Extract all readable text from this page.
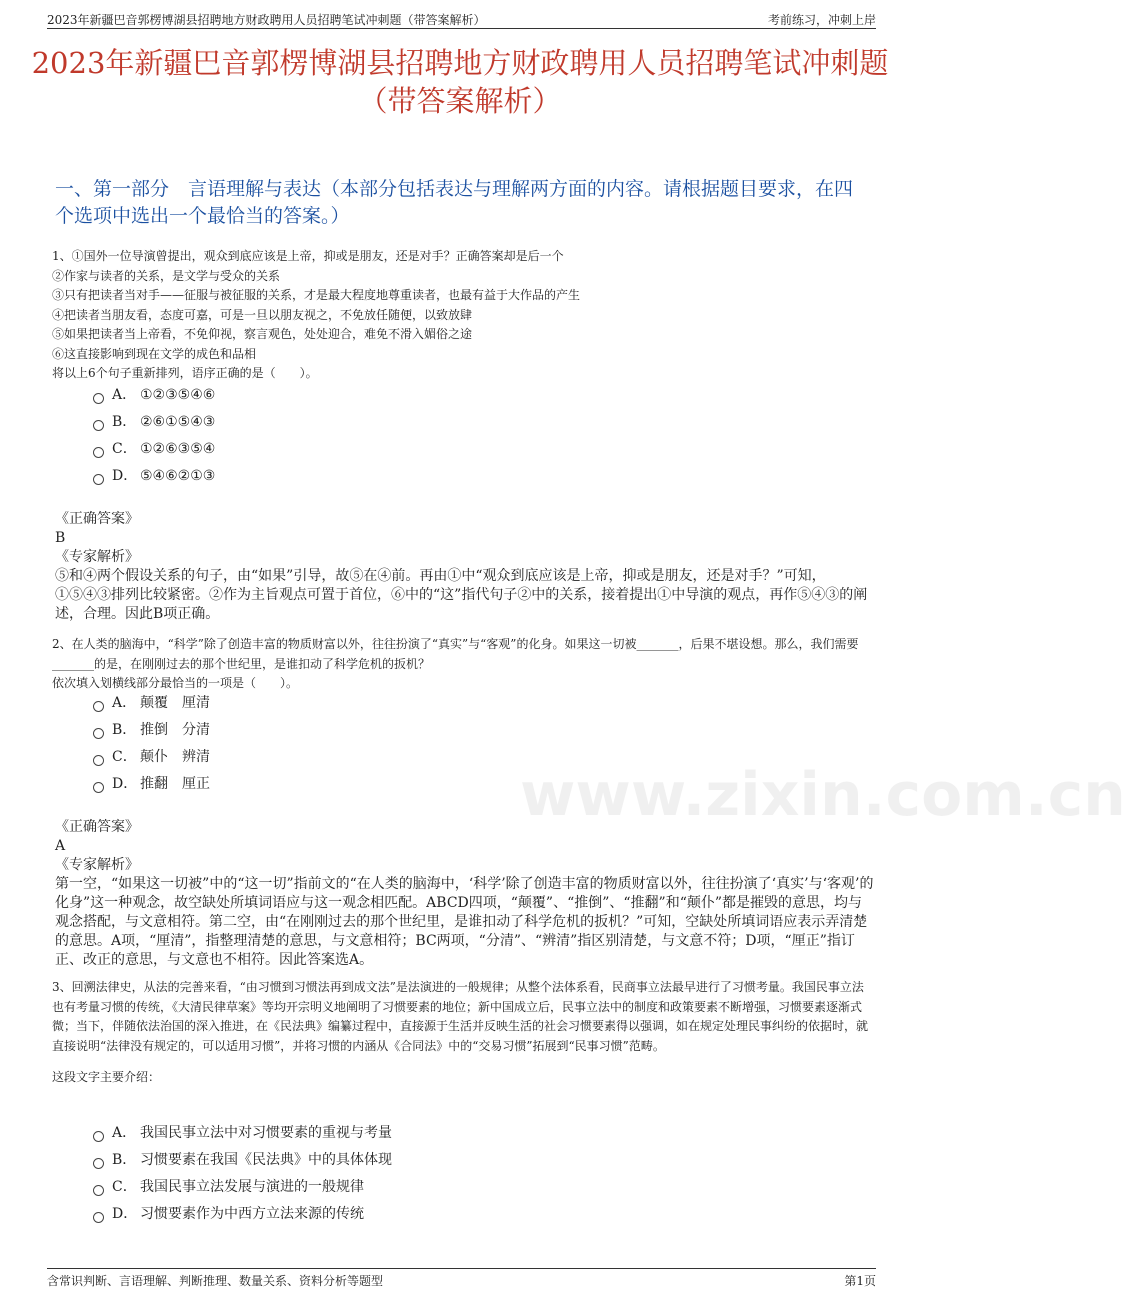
2023年新疆巴音郭楞博湖县招聘地方财政聘用人员招聘笔试冲刺题（带答案解析）	考前练习，冲刺上岸
2023年新疆巴音郭楞博湖县招聘地方财政聘用人员招聘笔试冲刺题（带答案解析）
一、第一部分　言语理解与表达（本部分包括表达与理解两方面的内容。请根据题目要求，在四个选项中选出一个最恰当的答案。）

1、①国外一位导演曾提出，观众到底应该是上帝，抑或是朋友，还是对手？正确答案却是后一个

②作家与读者的关系，是文学与受众的关系

③只有把读者当对手——征服与被征服的关系，才是最大程度地尊重读者，也最有益于大作品的产生

④把读者当朋友看，态度可嘉，可是一旦以朋友视之，不免放任随便，以致放肆

⑤如果把读者当上帝看，不免仰视，察言观色，处处迎合，难免不滑入媚俗之途

⑥这直接影响到现在文学的成色和品相

将以上6个句子重新排列，语序正确的是（　　）。

A． ①②③⑤④⑥
B． ②⑥①⑤④③
C． ①②⑥③⑤④
D． ⑤④⑥②①③

《正确答案》

B

《专家解析》

⑤和④两个假设关系的句子，由“如果”引导，故⑤在④前。再由①中“观众到底应该是上帝，抑或是朋友，还是对手？”可知，①⑤④③排列比较紧密。②作为主旨观点可置于首位，⑥中的“这”指代句子②中的关系，接着提出①中导演的观点，再作⑤④③的阐述，合理。因此B项正确。

2、在人类的脑海中，“科学”除了创造丰富的物质财富以外，往往扮演了“真实”与“客观”的化身。如果这一切被_______，后果不堪设想。那么，我们需要_______的是，在刚刚过去的那个世纪里，是谁扣动了科学危机的扳机？

依次填入划横线部分最恰当的一项是（　　）。

A． 颠覆　厘清
B． 推倒　分清
C． 颠仆　辨清
D． 推翻　厘正

《正确答案》

A

《专家解析》

第一空，“如果这一切被”中的“这一切”指前文的“在人类的脑海中，‘科学’除了创造丰富的物质财富以外，往往扮演了‘真实’与‘客观’的化身”这一种观念，故空缺处所填词语应与这一观念相匹配。ABCD四项，“颠覆”、“推倒”、“推翻”和“颠仆”都是摧毁的意思，均与观念搭配，与文意相符。第二空，由“在刚刚过去的那个世纪里，是谁扣动了科学危机的扳机？”可知，空缺处所填词语应表示弄清楚的意思。A项，“厘清”，指整理清楚的意思，与文意相符；BC两项，“分清”、“辨清”指区别清楚，与文意不符；D项，“厘正”指订正、改正的意思，与文意也不相符。因此答案选A。

www.zixin.com.cn

3、回溯法律史，从法的完善来看，“由习惯到习惯法再到成文法”是法演进的一般规律；从整个法体系看，民商事立法最早进行了习惯考量。我国民事立法也有考量习惯的传统，《大清民律草案》等均开宗明义地阐明了习惯要素的地位；新中国成立后，民事立法中的制度和政策要素不断增强，习惯要素逐渐式微；当下，伴随依法治国的深入推进，在《民法典》编纂过程中，直接源于生活并反映生活的社会习惯要素得以强调，如在规定处理民事纠纷的依据时，就直接说明“法律没有规定的，可以适用习惯”，并将习惯的内涵从《合同法》中的“交易习惯”拓展到“民事习惯”范畴。

这段文字主要介绍：

A． 我国民事立法中对习惯要素的重视与考量
B． 习惯要素在我国《民法典》中的具体体现
C． 我国民事立法发展与演进的一般规律
D． 习惯要素作为中西方立法来源的传统
含常识判断、言语理解、判断推理、数量关系、资料分析等题型	第1页
